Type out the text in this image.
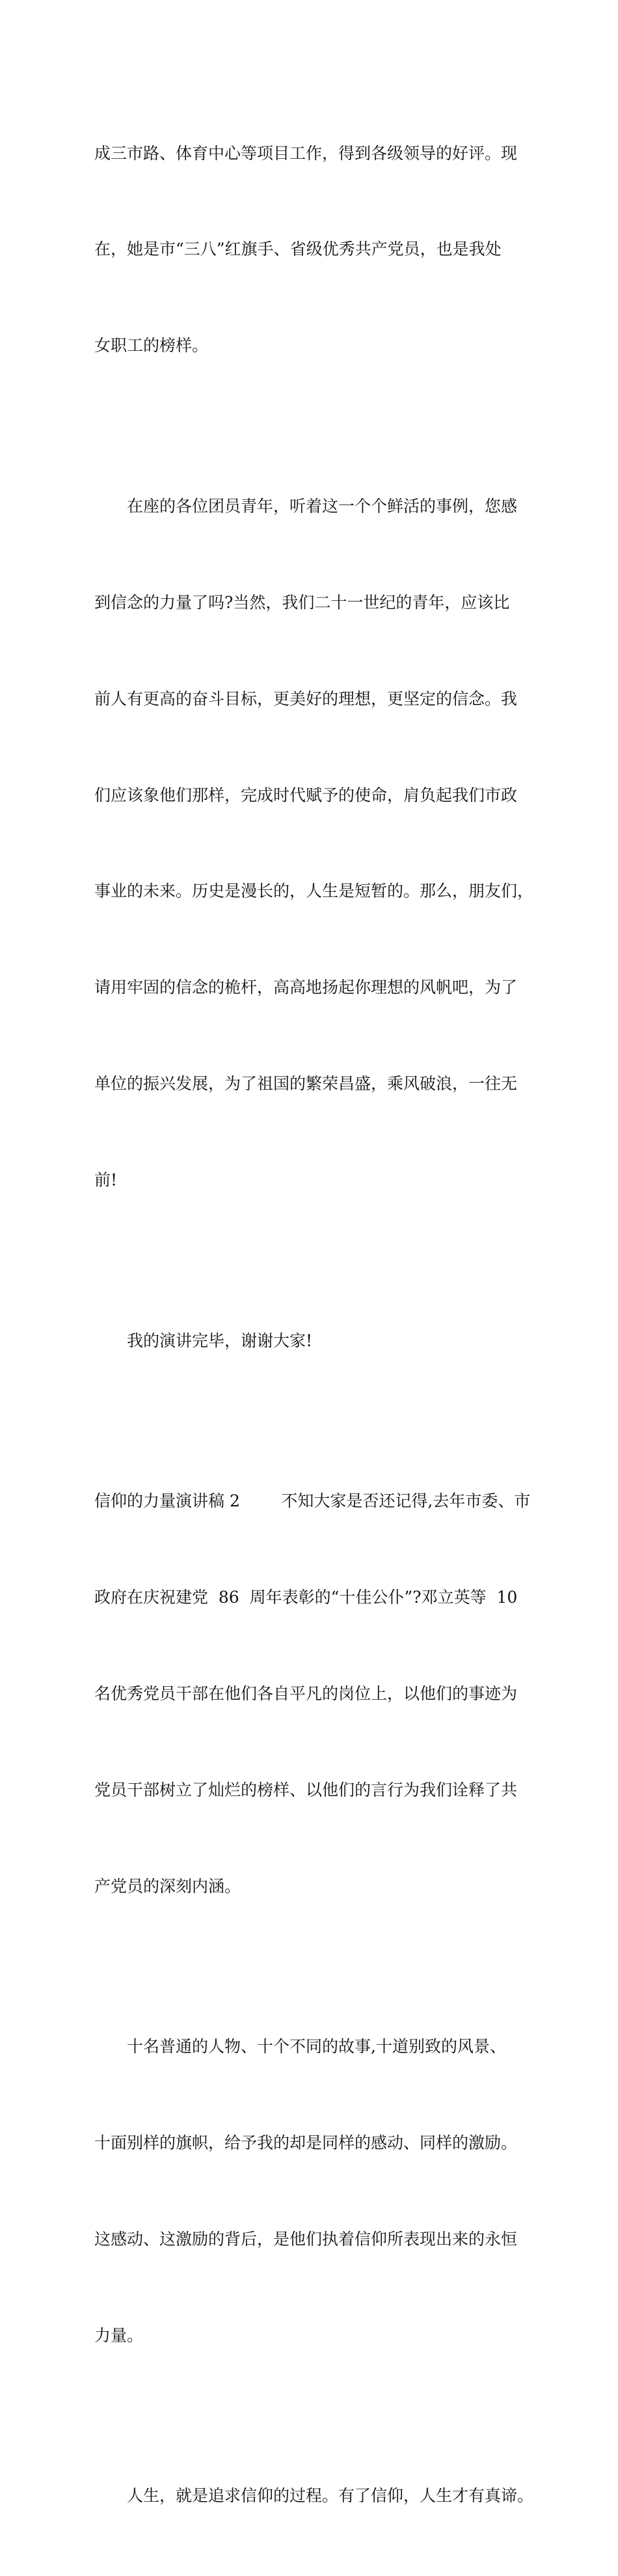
成三市路、体育中心等项目工作，得到各级领导的好评。现

在，她是市“三八”红旗手、省级优秀共产党员，也是我处

女职工的榜样。

在座的各位团员青年，听着这一个个鲜活的事例，您感

到信念的力量了吗?当然，我们二十一世纪的青年，应该比

前人有更高的奋斗目标，更美好的理想，更坚定的信念。我

们应该象他们那样，完成时代赋予的使命，肩负起我们市政

事业的未来。历史是漫长的，人生是短暂的。那么，朋友们，

请用牢固的信念的桅杆，高高地扬起你理想的风帆吧，为了

单位的振兴发展，为了祖国的繁荣昌盛，乘风破浪，一往无

前!

我的演讲完毕，谢谢大家!

信仰的力量演讲稿 2        不知大家是否还记得,去年市委、市

政府在庆祝建党  86  周年表彰的“十佳公仆”?邓立英等  10

名优秀党员干部在他们各自平凡的岗位上，以他们的事迹为

党员干部树立了灿烂的榜样、以他们的言行为我们诠释了共

产党员的深刻内涵。

十名普通的人物、十个不同的故事,十道别致的风景、

十面别样的旗帜，给予我的却是同样的感动、同样的激励。

这感动、这激励的背后，是他们执着信仰所表现出来的永恒

力量。

人生，就是追求信仰的过程。有了信仰，人生才有真谛。
